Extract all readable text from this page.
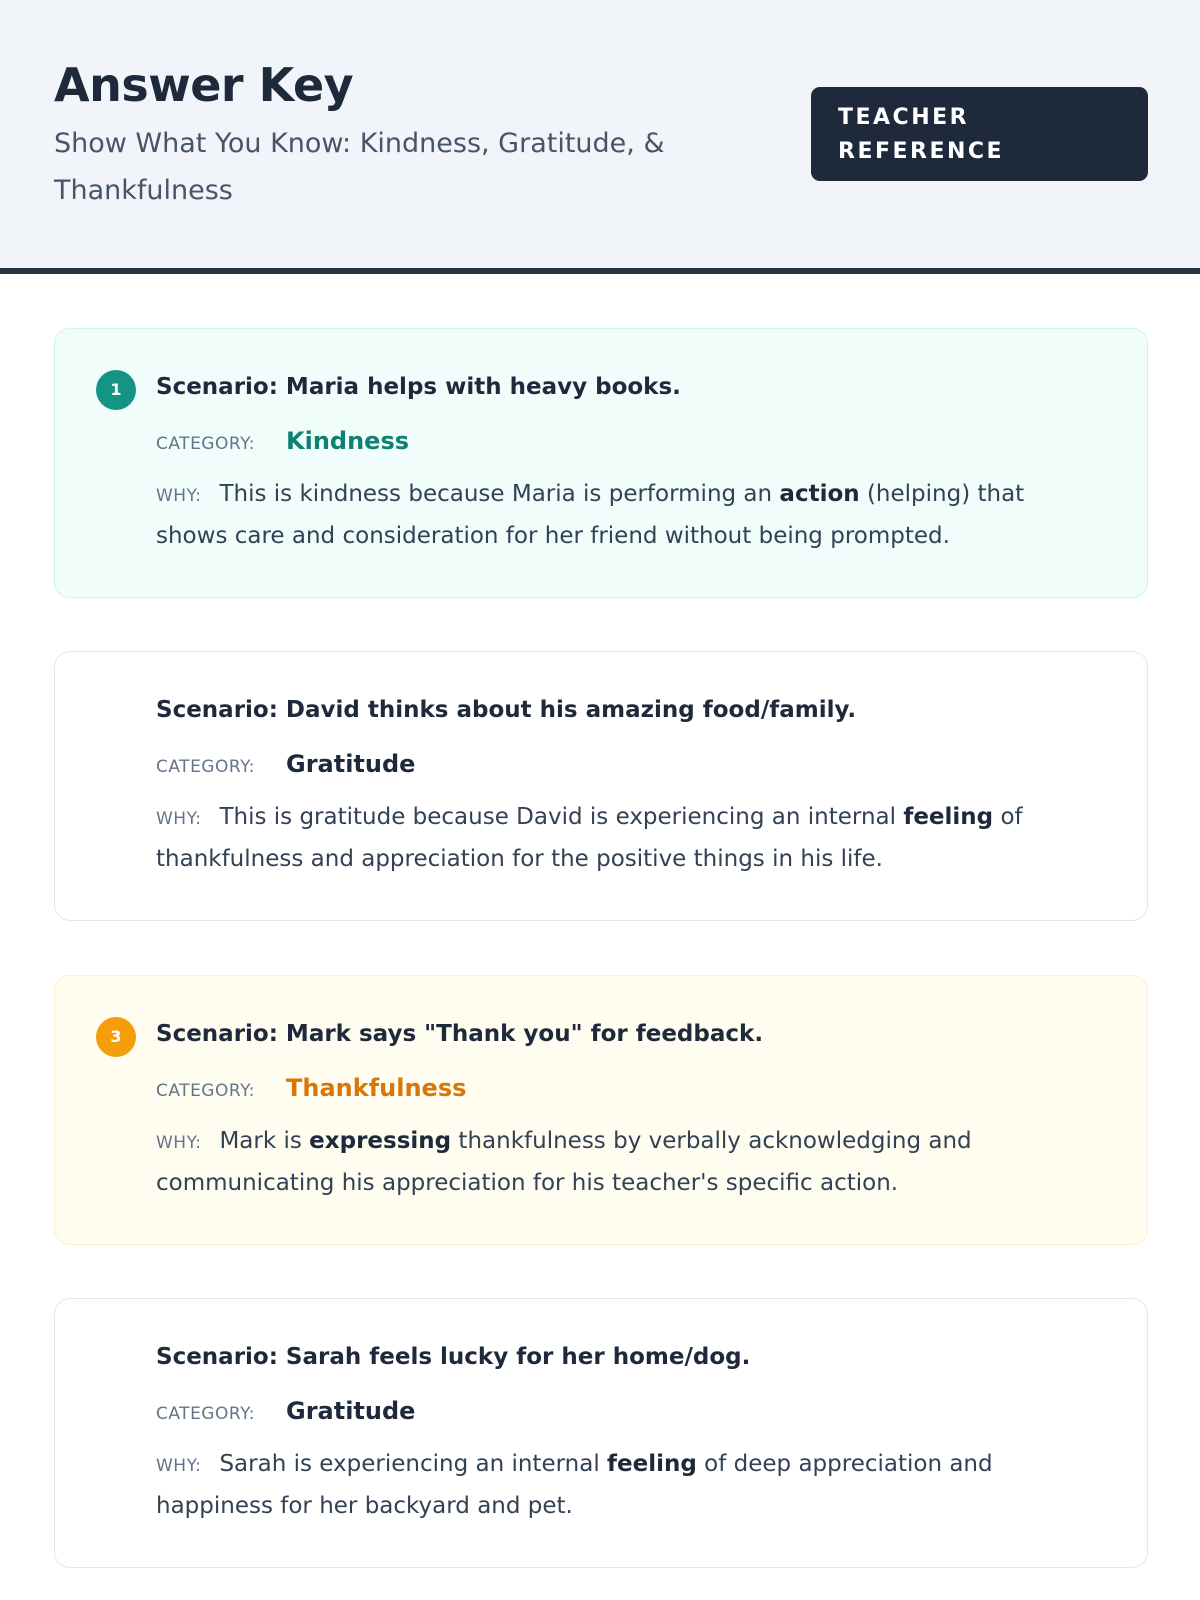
Answer Key
Show What You Know: Kindness, Gratitude, & Thankfulness
TEACHER REFERENCE
1	Scenario: Maria helps with heavy books.
CATEGORY: Kindness
WHY: This is kindness because Maria is performing an action (helping) that shows care and consideration for her friend without being prompted.
Scenario: David thinks about his amazing food/family.
CATEGORY: Gratitude
WHY: This is gratitude because David is experiencing an internal feeling of thankfulness and appreciation for the positive things in his life.
3	Scenario: Mark says "Thank you" for feedback.
CATEGORY: Thankfulness
WHY: Mark is expressing thankfulness by verbally acknowledging and communicating his appreciation for his teacher's specific action.
Scenario: Sarah feels lucky for her home/dog.
CATEGORY: Gratitude
WHY: Sarah is experiencing an internal feeling of deep appreciation and happiness for her backyard and pet.
